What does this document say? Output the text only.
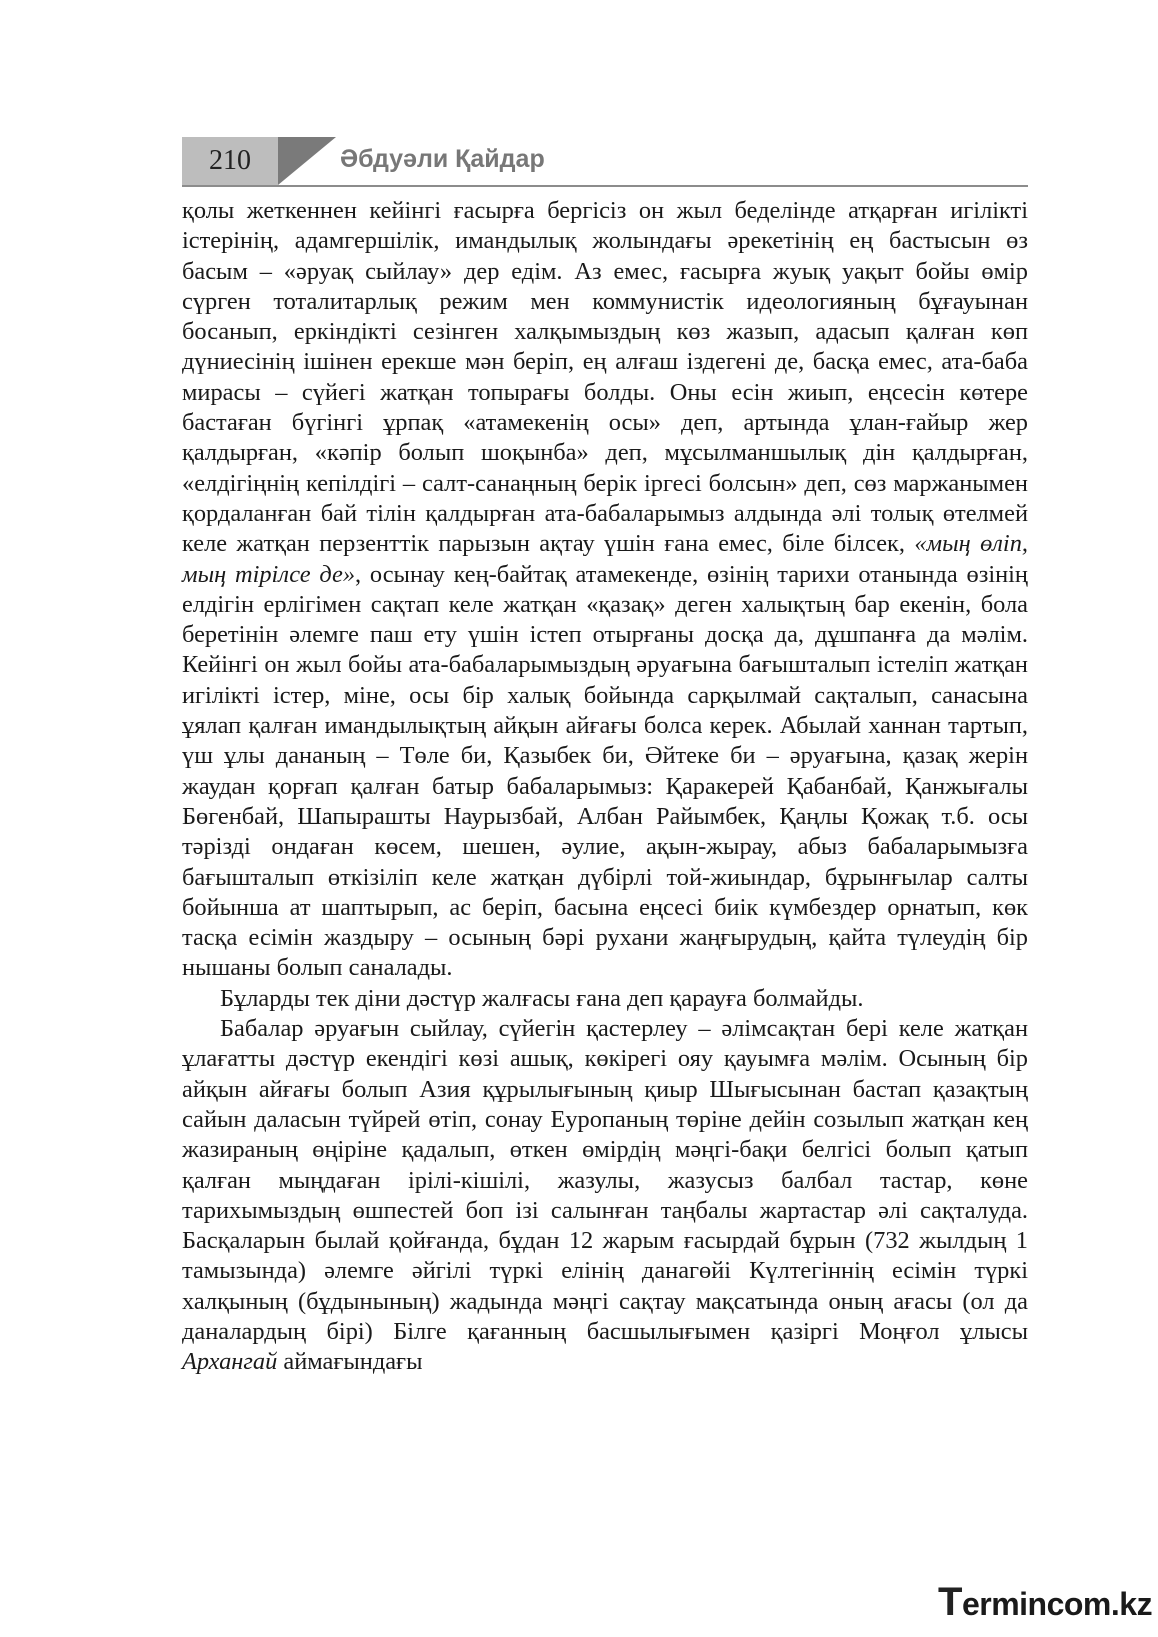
210	Әбдуәли Қайдар

қолы жеткеннен кейінгі ғасырға бергісіз он жыл беделінде атқарған игілікті істерінің, адамгершілік, имандылық жолындағы әрекетінің ең бастысын өз басым – «әруақ сыйлау» дер едім. Аз емес, ғасырға жуық уақыт бойы өмір сүрген тоталитарлық режим мен коммунистік идеологияның бұғауынан босанып, еркіндікті сезінген халқымыздың көз жазып, адасып қалған көп дүниесінің ішінен ерекше мән беріп, ең алғаш іздегені де, басқа емес, ата-баба мирасы – сүйегі жатқан топырағы болды. Оны есін жиып, еңсесін көтере бастаған бүгінгі ұрпақ «атамекенің осы» деп, артында ұлан-ғайыр жер қалдырған, «кәпір болып шоқынба» деп, мұсылманшылық дін қалдырған, «елдігіңнің кепілдігі – салт-санаңның берік іргесі болсын» деп, сөз маржанымен қордаланған бай тілін қалдырған ата-бабаларымыз алдында әлі толық өтелмей келе жатқан перзенттік парызын ақтау үшін ғана емес, біле білсек, «мың өліп, мың тірілсе де», осынау кең-байтақ атамекенде, өзінің тарихи отанында өзінің елдігін ерлігімен сақтап келе жатқан «қазақ» деген халықтың бар екенін, бола беретінін әлемге паш ету үшін істеп отырғаны досқа да, дұшпанға да мәлім. Кейінгі он жыл бойы ата-бабаларымыздың әруағына бағышталып істеліп жатқан игілікті істер, міне, осы бір халық бойында сарқылмай сақталып, санасына ұялап қалған имандылықтың айқын айғағы болса керек. Абылай ханнан тартып, үш ұлы дананың – Төле би, Қазыбек би, Әйтеке би – әруағына, қазақ жерін жаудан қорғап қалған батыр бабаларымыз: Қаракерей Қабанбай, Қанжығалы Бөгенбай, Шапырашты Наурызбай, Албан Райымбек, Қаңлы Қожақ т.б. осы тәрізді ондаған көсем, шешен, әулие, ақын-жырау, абыз бабаларымызға бағышталып өткізіліп келе жатқан дүбірлі той-жиындар, бұрынғылар салты бойынша ат шаптырып, ас беріп, басына еңсесі биік күмбездер орнатып, көк тасқа есімін жаздыру – осының бәрі рухани жаңғырудың, қайта түлеудің бір нышаны болып саналады.

Бұларды тек діни дәстүр жалғасы ғана деп қарауға болмайды.

Бабалар әруағын сыйлау, сүйегін қастерлеу – әлімсақтан бері келе жатқан ұлағатты дәстүр екендігі көзі ашық, көкірегі ояу қауымға мәлім. Осының бір айқын айғағы болып Азия құрылығының қиыр Шығысынан бастап қазақтың сайын даласын түйрей өтіп, сонау Еуропаның төріне дейін созылып жатқан кең жазираның өңіріне қадалып, өткен өмірдің мәңгі-бақи белгісі болып қатып қалған мыңдаған ірілі-кішілі, жазулы, жазусыз балбал тастар, көне тарихымыздың өшпестей боп ізі салынған таңбалы жартастар әлі сақталуда. Басқаларын былай қойғанда, бұдан 12 жарым ғасырдай бұрын (732 жылдың 1 тамызында) әлемге әйгілі түркі елінің данагөйі Күлтегіннің есімін түркі халқының (бұдынының) жадында мәңгі сақтау мақсатында оның ағасы (ол да даналардың бірі) Білге қағанның басшылығымен қазіргі Моңғол ұлысы Архангай аймағындағы

Termincom.kz
